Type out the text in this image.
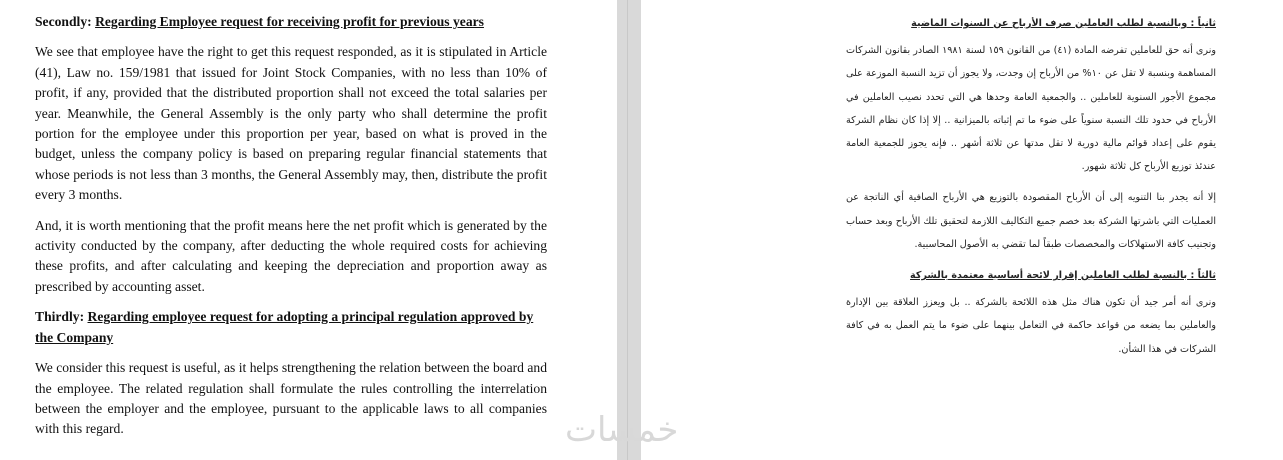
Secondly: Regarding Employee request for receiving profit for previous years

We see that employee have the right to get this request responded, as it is stipulated in Article (41), Law no. 159/1981 that issued for Joint Stock Companies, with no less than 10% of profit, if any, provided that the distributed proportion shall not exceed the total salaries per year. Meanwhile, the General Assembly is the only party who shall determine the profit portion for the employee under this proportion per year, based on what is proved in the budget, unless the company policy is based on preparing regular financial statements that whose periods is not less than 3 months, the General Assembly may, then, distribute the profit every 3 months.

And, it is worth mentioning that the profit means here the net profit which is generated by the activity conducted by the company, after deducting the whole required costs for achieving these profits, and after calculating and keeping the depreciation and proportion away as prescribed by accounting asset.

Thirdly: Regarding employee request for adopting a principal regulation approved by the Company

We consider this request is useful, as it helps strengthening the relation between the board and the employee. The related regulation shall formulate the rules controlling the interrelation between the employer and the employee, pursuant to the applicable laws to all companies with this regard.

ثانياً : وبالنسبة لطلب العاملين صرف الأرباح عن السنوات الماضية

ونرى أنه حق للعاملين تفرضه المادة (٤١) من القانون ١٥٩ لسنة ١٩٨١ الصادر بقانون الشركات المساهمة وبنسبة لا تقل عن ١٠% من الأرباح إن وجدت، ولا يجوز أن تزيد النسبة الموزعة على مجموع الأجور السنوية للعاملين .. والجمعية العامة وحدها هي التي تحدد نصيب العاملين في الأرباح في حدود تلك النسبة سنوياً على ضوء ما تم إثباته بالميزانية .. إلا إذا كان نظام الشركة يقوم على إعداد قوائم مالية دورية لا تقل مدتها عن ثلاثة أشهر .. فإنه يجوز للجمعية العامة عندئذ توزيع الأرباح كل ثلاثة شهور.

إلا أنه يجدر بنا التنويه إلى أن الأرباح المقصودة بالتوزيع هي الأرباح الصافية أي الناتجة عن العمليات التي باشرتها الشركة بعد خصم جميع التكاليف اللازمة لتحقيق تلك الأرباح وبعد حساب وتجنيب كافة الاستهلاكات والمخصصات طبقاً لما تقضي به الأصول المحاسبية.

ثالثاً : بالنسبة لطلب العاملين إقرار لائحة أساسية معتمدة بالشركة

ونرى أنه أمر جيد أن تكون هناك مثل هذه اللائحة بالشركة .. بل ويعزز العلاقة بين الإدارة والعاملين بما يضعه من قواعد حاكمة في التعامل بينهما على ضوء ما يتم العمل به في كافة الشركات في هذا الشأن.

خمسات
